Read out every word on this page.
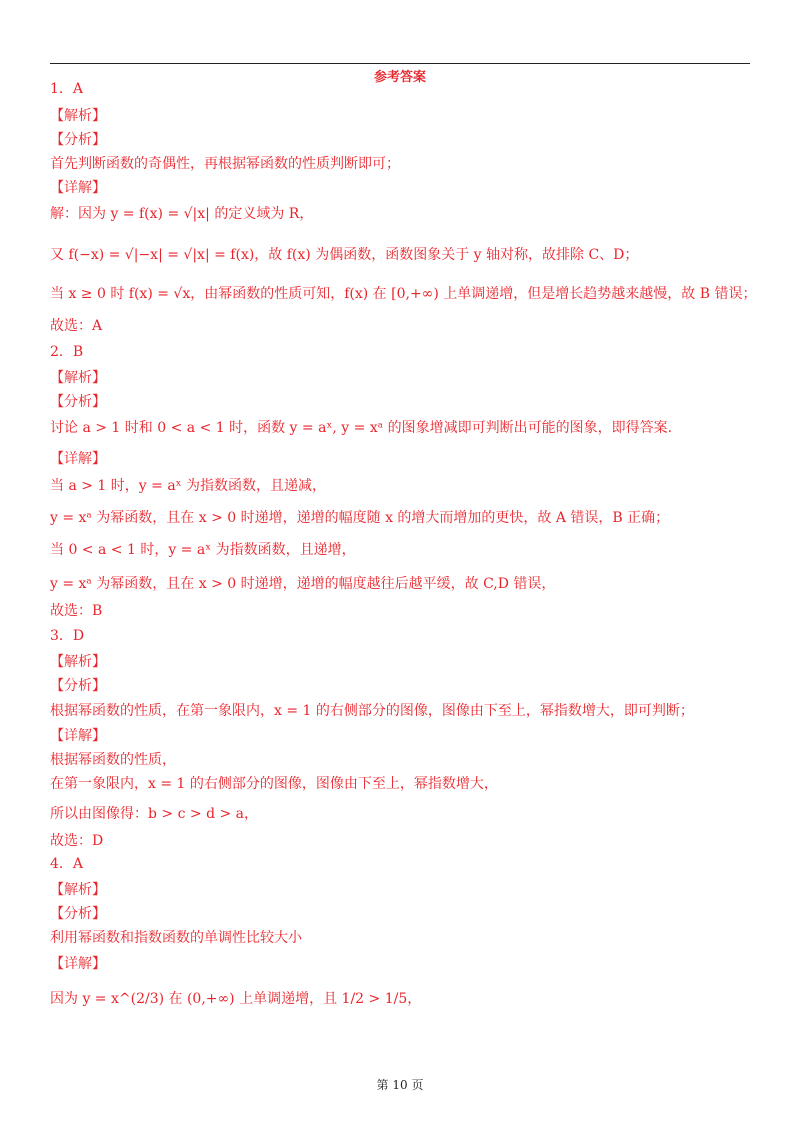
参考答案
1．A
【解析】
【分析】
首先判断函数的奇偶性，再根据幂函数的性质判断即可；
【详解】
解：因为 y = f(x) = √|x| 的定义域为 R，
又 f(−x) = √|−x| = √|x| = f(x)，故 f(x) 为偶函数，函数图象关于 y 轴对称，故排除 C、D；
当 x ≥ 0 时 f(x) = √x，由幂函数的性质可知，f(x) 在 [0,+∞) 上单调递增，但是增长趋势越来越慢，故 B 错误；
故选：A
2．B
【解析】
【分析】
讨论 a > 1 时和 0 < a < 1 时，函数 y = aˣ, y = xᵃ 的图象增减即可判断出可能的图象，即得答案.
【详解】
当 a > 1 时，y = aˣ 为指数函数，且递减，
y = xᵃ 为幂函数，且在 x > 0 时递增，递增的幅度随 x 的增大而增加的更快，故 A 错误，B 正确；
当 0 < a < 1 时，y = aˣ 为指数函数，且递增，
y = xᵃ 为幂函数，且在 x > 0 时递增，递增的幅度越往后越平缓，故 C,D 错误，
故选：B
3．D
【解析】
【分析】
根据幂函数的性质，在第一象限内，x = 1 的右侧部分的图像，图像由下至上，幂指数增大，即可判断；
【详解】
根据幂函数的性质，
在第一象限内，x = 1 的右侧部分的图像，图像由下至上，幂指数增大，
所以由图像得：b > c > d > a，
故选：D
4．A
【解析】
【分析】
利用幂函数和指数函数的单调性比较大小
【详解】
因为 y = x^(2/3) 在 (0,+∞) 上单调递增，且 1/2 > 1/5，
第 10 页
